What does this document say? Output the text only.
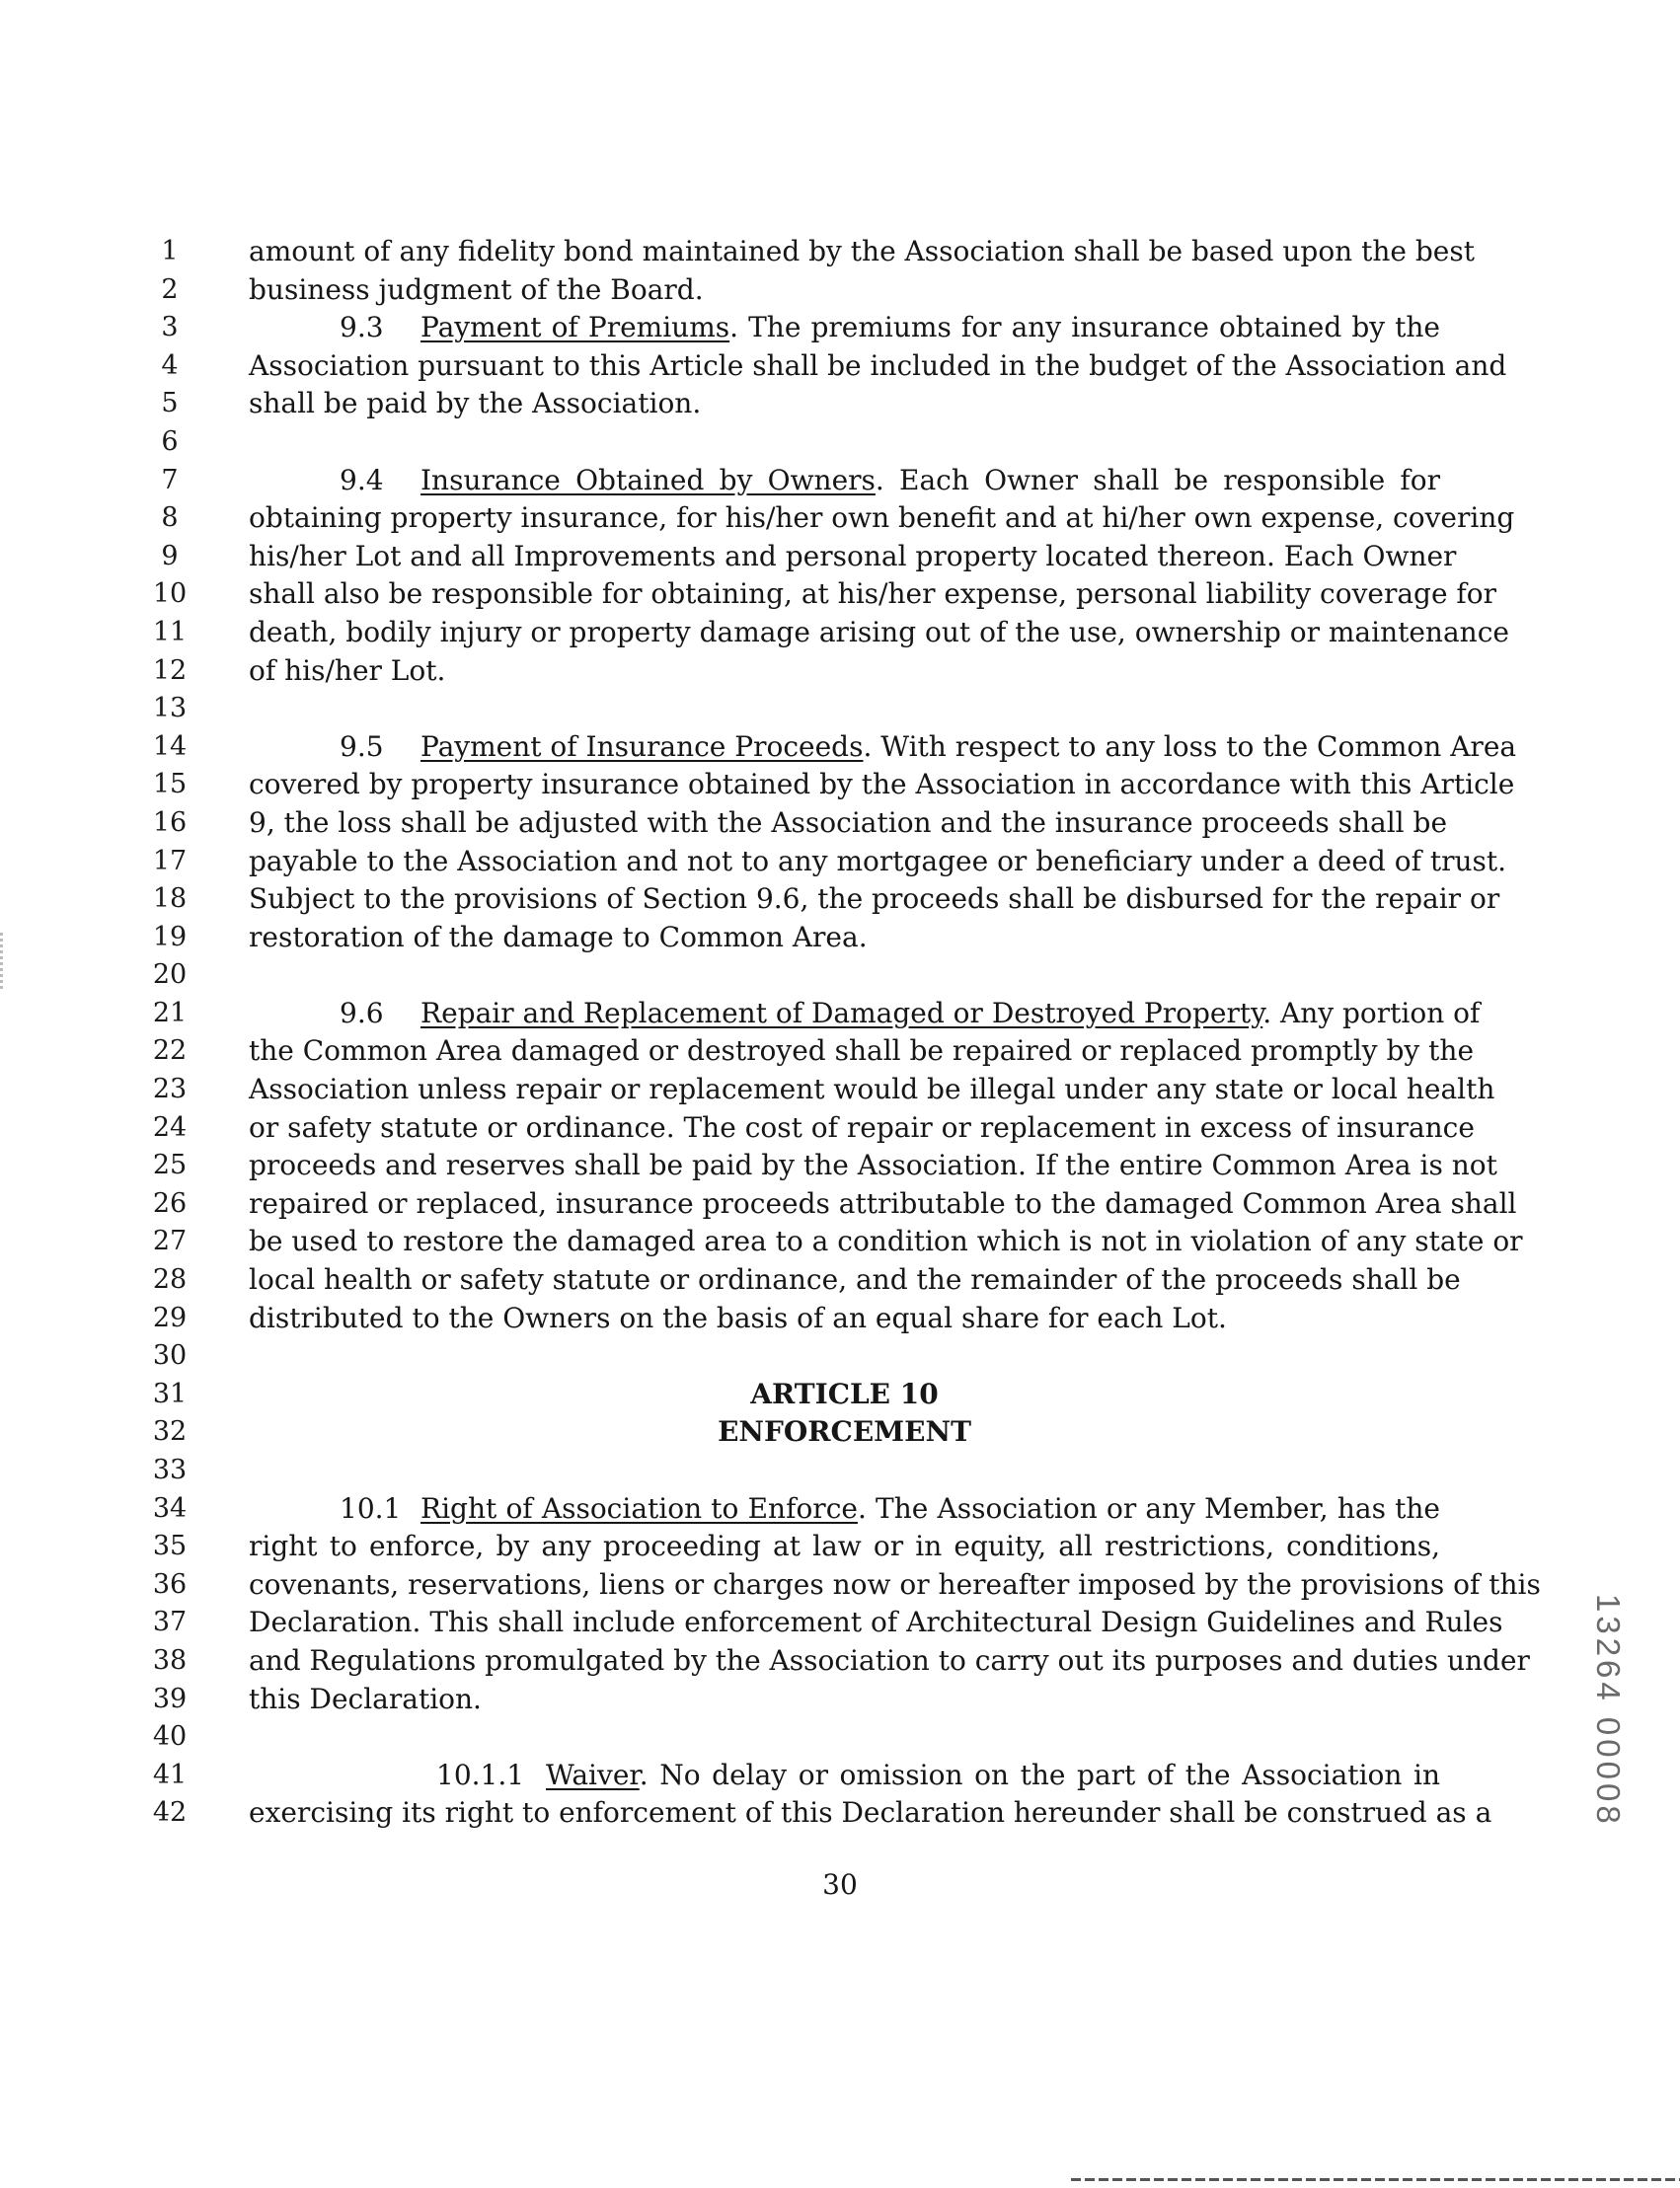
1
2
3
4
5
6
7
8
9
10
11
12
13
14
15
16
17
18
19
20
21
22
23
24
25
26
27
28
29
30
31
32
33
34
35
36
37
38
39
40
41
42
amount of any fidelity bond maintained by the Association shall be based upon the best
business judgment of the Board.
9.3 Payment of Premiums. The premiums for any insurance obtained by the
Association pursuant to this Article shall be included in the budget of the Association and
shall be paid by the Association.
9.4 Insurance Obtained by Owners. Each Owner shall be responsible for
obtaining property insurance, for his/her own benefit and at hi/her own expense, covering
his/her Lot and all Improvements and personal property located thereon. Each Owner
shall also be responsible for obtaining, at his/her expense, personal liability coverage for
death, bodily injury or property damage arising out of the use, ownership or maintenance
of his/her Lot.
9.5 Payment of Insurance Proceeds. With respect to any loss to the Common Area
covered by property insurance obtained by the Association in accordance with this Article
9, the loss shall be adjusted with the Association and the insurance proceeds shall be
payable to the Association and not to any mortgagee or beneficiary under a deed of trust.
Subject to the provisions of Section 9.6, the proceeds shall be disbursed for the repair or
restoration of the damage to Common Area.
9.6 Repair and Replacement of Damaged or Destroyed Property. Any portion of
the Common Area damaged or destroyed shall be repaired or replaced promptly by the
Association unless repair or replacement would be illegal under any state or local health
or safety statute or ordinance. The cost of repair or replacement in excess of insurance
proceeds and reserves shall be paid by the Association. If the entire Common Area is not
repaired or replaced, insurance proceeds attributable to the damaged Common Area shall
be used to restore the damaged area to a condition which is not in violation of any state or
local health or safety statute or ordinance, and the remainder of the proceeds shall be
distributed to the Owners on the basis of an equal share for each Lot.
ARTICLE 10
ENFORCEMENT
10.1 Right of Association to Enforce. The Association or any Member, has the
right to enforce, by any proceeding at law or in equity, all restrictions, conditions,
covenants, reservations, liens or charges now or hereafter imposed by the provisions of this
Declaration. This shall include enforcement of Architectural Design Guidelines and Rules
and Regulations promulgated by the Association to carry out its purposes and duties under
this Declaration.
10.1.1 Waiver. No delay or omission on the part of the Association in
exercising its right to enforcement of this Declaration hereunder shall be construed as a
30
13264 00008
